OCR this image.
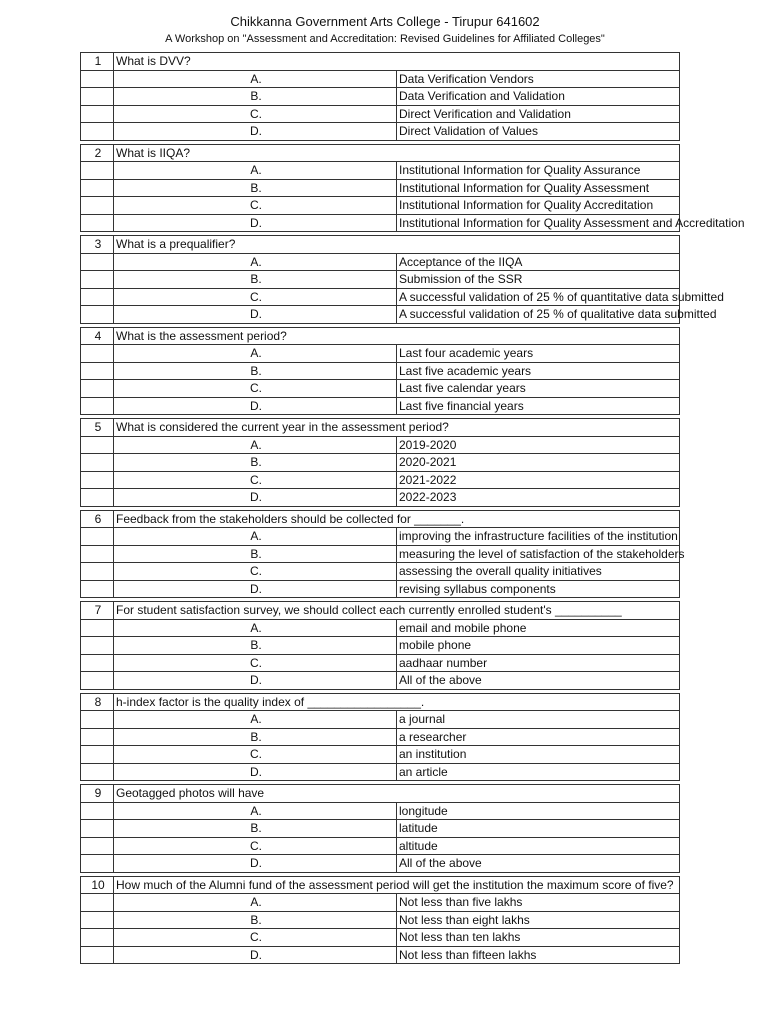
Chikkanna Government Arts College - Tirupur 641602
A Workshop on "Assessment and Accreditation: Revised Guidelines for Affiliated Colleges"
1	What is DVV?	
	A.	Data Verification Vendors
	B.	Data Verification and Validation
	C.	Direct Verification and Validation
	D.	Direct Validation of Values
2	What is IIQA?	
	A.	Institutional Information for Quality Assurance
	B.	Institutional Information for Quality Assessment
	C.	Institutional Information for Quality Accreditation
	D.	Institutional Information for Quality Assessment and Accreditation
3	What is a prequalifier?	
	A.	Acceptance of the IIQA
	B.	Submission of the SSR
	C.	A successful validation of 25 % of quantitative data submitted
	D.	A successful validation of 25 % of qualitative data submitted
4	What is the assessment period?	
	A.	Last four academic years
	B.	Last five academic years
	C.	Last five calendar years
	D.	Last five financial years
5	What is considered the current year in the assessment period?	
	A.	2019-2020
	B.	2020-2021
	C.	2021-2022
	D.	2022-2023
6	Feedback from the stakeholders should be collected for _______.	
	A.	improving the infrastructure facilities of the institution
	B.	measuring the level of satisfaction of the stakeholders
	C.	assessing the overall quality initiatives
	D.	revising syllabus components
7	For student satisfaction survey, we should collect each currently enrolled student's __________	
	A.	email and mobile phone
	B.	mobile phone
	C.	aadhaar number
	D.	All of the above
8	h-index factor is the quality index of _________________.	
	A.	a journal
	B.	a researcher
	C.	an institution
	D.	an article
9	Geotagged photos will have	
	A.	longitude
	B.	latitude
	C.	altitude
	D.	All of the above
10	How much of the Alumni fund of the assessment period will get the institution the maximum score of five?	
	A.	Not less than five lakhs
	B.	Not less than eight lakhs
	C.	Not less than ten lakhs
	D.	Not less than fifteen lakhs
